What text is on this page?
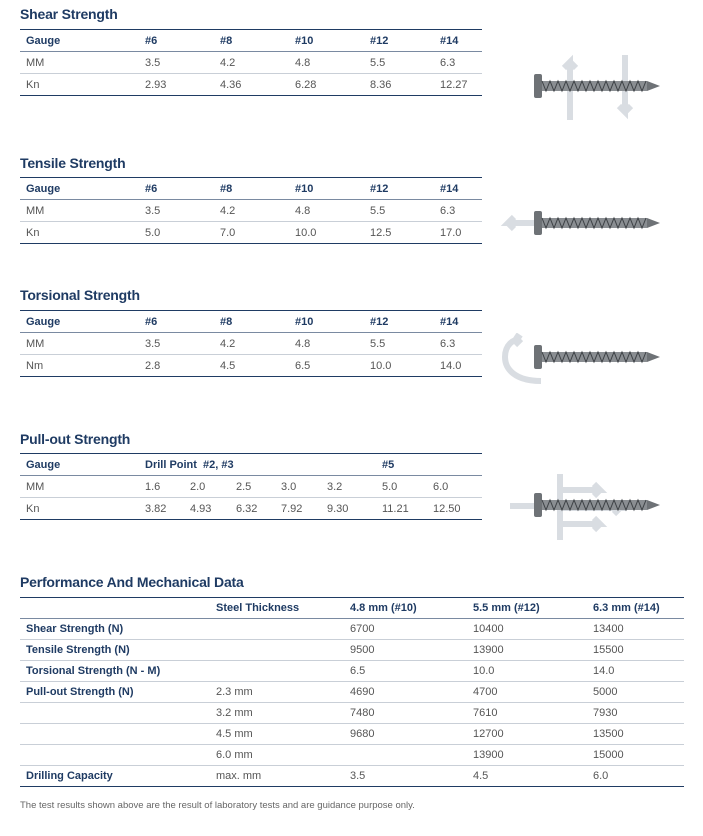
Shear Strength
Gauge	#6	#8	#10	#12	#14
MM	3.5	4.2	4.8	5.5	6.3
Kn	2.93	4.36	6.28	8.36	12.27
Tensile Strength
Gauge	#6	#8	#10	#12	#14
MM	3.5	4.2	4.8	5.5	6.3
Kn	5.0	7.0	10.0	12.5	17.0
Torsional Strength
Gauge	#6	#8	#10	#12	#14
MM	3.5	4.2	4.8	5.5	6.3
Nm	2.8	4.5	6.5	10.0	14.0
Pull-out Strength
Gauge	Drill Point  #2, #3					#5	
MM	1.6	2.0	2.5	3.0	3.2	5.0	6.0
Kn	3.82	4.93	6.32	7.92	9.30	11.21	12.50
Performance And Mechanical Data
	Steel Thickness	4.8 mm (#10)	5.5 mm (#12)	6.3 mm (#14)
Shear Strength (N)		6700	10400	13400
Tensile Strength (N)		9500	13900	15500
Torsional Strength (N - M)		6.5	10.0	14.0
Pull-out Strength (N)	2.3 mm	4690	4700	5000
	3.2 mm	7480	7610	7930
	4.5 mm	9680	12700	13500
	6.0 mm		13900	15000
Drilling Capacity	max. mm	3.5	4.5	6.0
The test results shown above are the result of laboratory tests and are guidance purpose only.
